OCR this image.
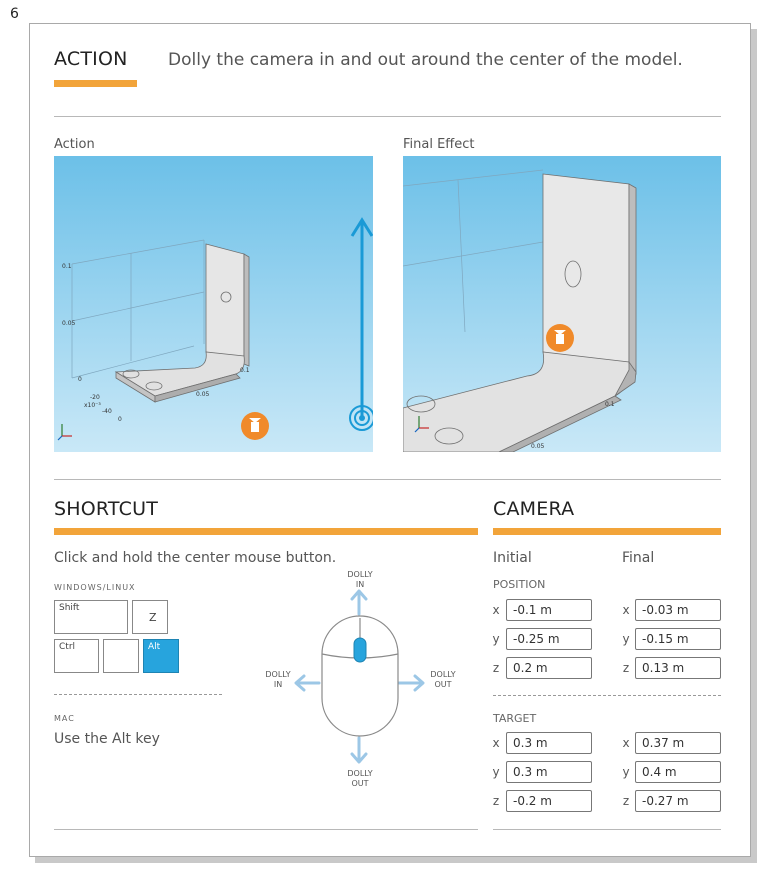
6
ACTION Dolly the camera in and out around the center of the model.
Action	Final Effect
0.1
0.05
0
-20
x10⁻³
-40
0
0.05
0.1
0.1
0.05
SHORTCUT
Click and hold the center mouse button.
WINDOWS/LINUX
Shift
Z
Ctrl	Alt
MAC
Use the Alt key
DOLLY
IN
DOLLY
IN
DOLLY
OUT
DOLLY
OUT
CAMERA
Initial	Final
POSITION
x	-0.1 m	x	-0.03 m
y	-0.25 m	y	-0.15 m
z	0.2 m	z	0.13 m
TARGET
x	0.3 m	x	0.37 m
y	0.3 m	y	0.4 m
z	-0.2 m	z	-0.27 m
